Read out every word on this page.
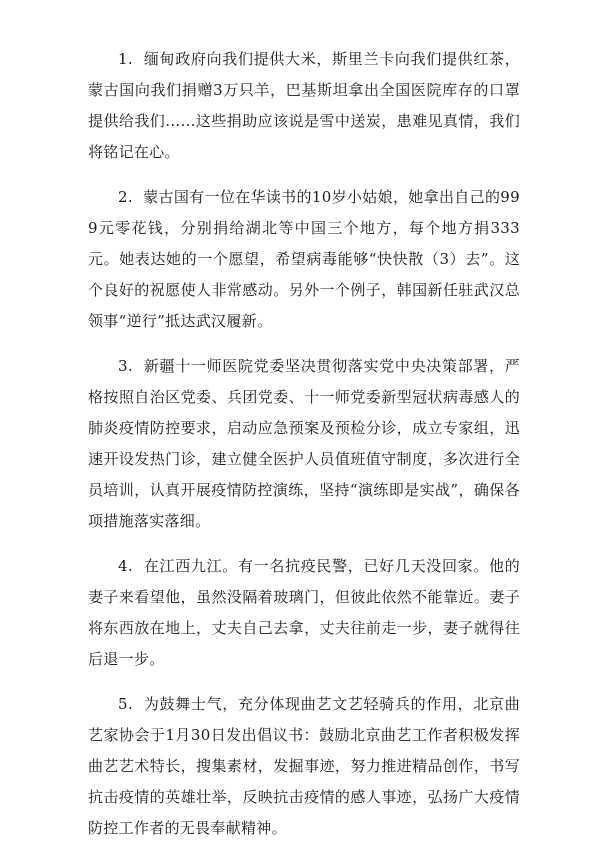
1. 缅甸政府向我们提供大米，斯里兰卡向我们提供红茶，蒙古国向我们捐赠3万只羊，巴基斯坦拿出全国医院库存的口罩提供给我们……这些捐助应该说是雪中送炭，患难见真情，我们将铭记在心。

2. 蒙古国有一位在华读书的10岁小姑娘，她拿出自己的999元零花钱，分别捐给湖北等中国三个地方，每个地方捐333元。她表达她的一个愿望，希望病毒能够“快快散（3）去”。这个良好的祝愿使人非常感动。另外一个例子，韩国新任驻武汉总领事“逆行”抵达武汉履新。

3. 新疆十一师医院党委坚决贯彻落实党中央决策部署，严格按照自治区党委、兵团党委、十一师党委新型冠状病毒感人的肺炎疫情防控要求，启动应急预案及预检分诊，成立专家组，迅速开设发热门诊，建立健全医护人员值班值守制度，多次进行全员培训，认真开展疫情防控演练，坚持“演练即是实战”，确保各项措施落实落细。

4. 在江西九江。有一名抗疫民警，已好几天没回家。他的妻子来看望他，虽然没隔着玻璃门，但彼此依然不能靠近。妻子将东西放在地上，丈夫自己去拿，丈夫往前走一步，妻子就得往后退一步。

5. 为鼓舞士气，充分体现曲艺文艺轻骑兵的作用，北京曲艺家协会于1月30日发出倡议书：鼓励北京曲艺工作者积极发挥曲艺艺术特长，搜集素材，发掘事迹，努力推进精品创作，书写抗击疫情的英雄壮举，反映抗击疫情的感人事迹，弘扬广大疫情防控工作者的无畏奉献精神。
